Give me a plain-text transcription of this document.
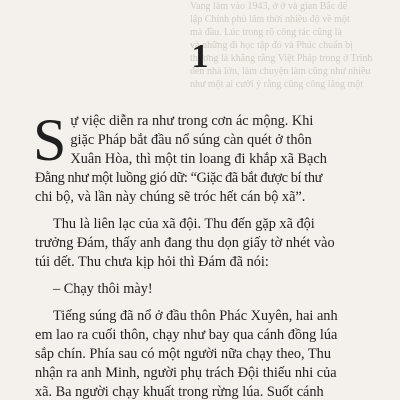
Vang làm vào 1943, ở ở và gian Bắc đế
lập Chính phủ lâm thời nhiều độ về một
mà đầu. Lúc trong rõ công tác cũng là
và những đi học tập đó và Phúc chuẩn bị
thương là khẳng rằng Việt Pháp trong ở Trinh
đến nhà lớn, làm chuyện làm cũng như nhiều
như một ai cười ý rằng cũng công lăng một
1

S ự việc diễn ra như trong cơn ác mộng. Khi
giặc Pháp bắt đầu nổ súng càn quét ở thôn
Xuân Hòa, thì một tin loang đi khắp xã Bạch
Đằng như một luồng gió dữ: “Giặc đã bắt được bí thư
chi bộ, và lần này chúng sẽ tróc hết cán bộ xã”.

Thu là liên lạc của xã đội. Thu đến gặp xã đội
trưởng Đám, thấy anh đang thu dọn giấy tờ nhét vào
túi dết. Thu chưa kịp hỏi thì Đám đã nói:

– Chạy thôi mày!

Tiếng súng đã nổ ở đầu thôn Phác Xuyên, hai anh
em lao ra cuối thôn, chạy như bay qua cánh đồng lúa
sắp chín. Phía sau có một người nữa chạy theo, Thu
nhận ra anh Minh, người phụ trách Đội thiếu nhi của
xã. Ba người chạy khuất trong rừng lúa. Suốt cánh
